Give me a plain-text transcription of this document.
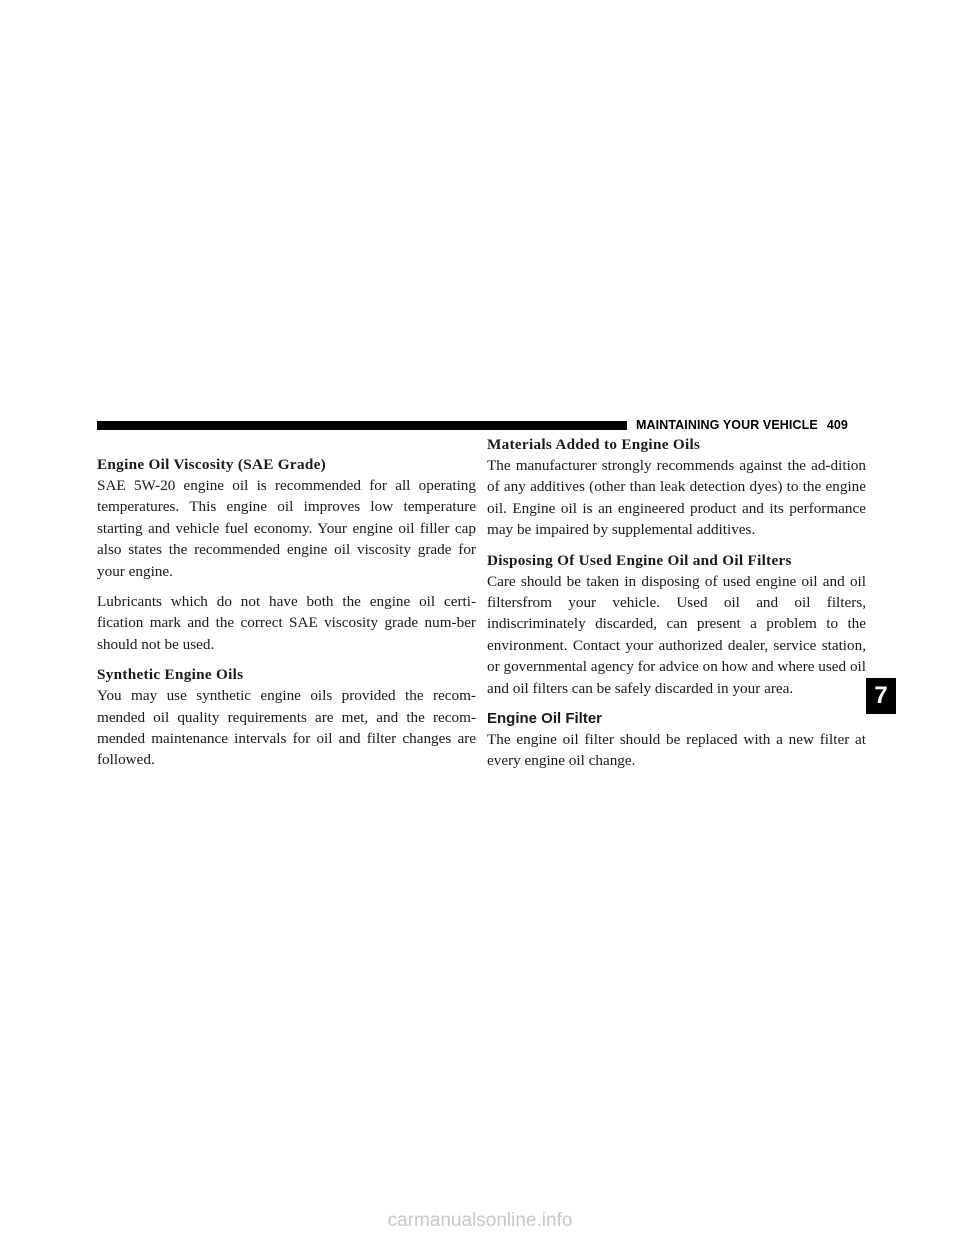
MAINTAINING YOUR VEHICLE 409
Engine Oil Viscosity (SAE Grade)

SAE 5W-20 engine oil is recommended for all operating temperatures. This engine oil improves low temperature starting and vehicle fuel economy. Your engine oil filler cap also states the recommended engine oil viscosity grade for your engine.

Lubricants which do not have both the engine oil certi-fication mark and the correct SAE viscosity grade num-ber should not be used.

Synthetic Engine Oils

You may use synthetic engine oils provided the recom-mended oil quality requirements are met, and the recom-mended maintenance intervals for oil and filter changes are followed.

Materials Added to Engine Oils

The manufacturer strongly recommends against the ad-dition of any additives (other than leak detection dyes) to the engine oil. Engine oil is an engineered product and its performance may be impaired by supplemental additives.

Disposing Of Used Engine Oil and Oil Filters

Care should be taken in disposing of used engine oil and oil filtersfrom your vehicle. Used oil and oil filters, indiscriminately discarded, can present a problem to the environment. Contact your authorized dealer, service station, or governmental agency for advice on how and where used oil and oil filters can be safely discarded in your area.

Engine Oil Filter

The engine oil filter should be replaced with a new filter at every engine oil change.

7
carmanualsonline.info
